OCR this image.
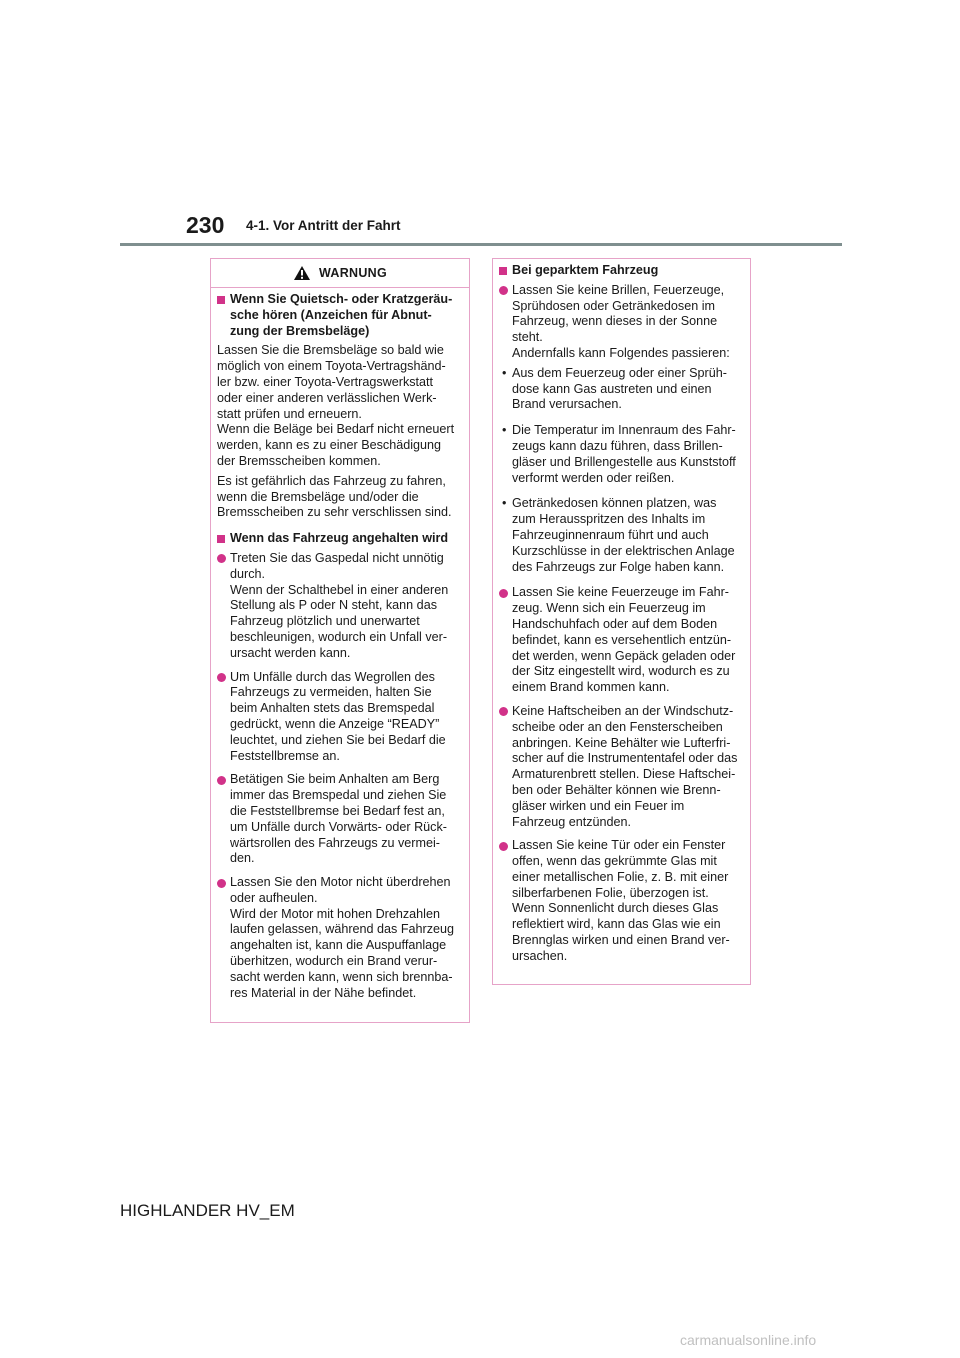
230 4-1. Vor Antritt der Fahrt
WARNUNG
Wenn Sie Quietsch- oder Kratzgeräu-
sche hören (Anzeichen für Abnut-
zung der Bremsbeläge)
Lassen Sie die Bremsbeläge so bald wie
möglich von einem Toyota-Vertragshänd-
ler bzw. einer Toyota-Vertragswerkstatt
oder einer anderen verlässlichen Werk-
statt prüfen und erneuern.
Wenn die Beläge bei Bedarf nicht erneuert
werden, kann es zu einer Beschädigung
der Bremsscheiben kommen.
Es ist gefährlich das Fahrzeug zu fahren,
wenn die Bremsbeläge und/oder die
Bremsscheiben zu sehr verschlissen sind.
Wenn das Fahrzeug angehalten wird
Treten Sie das Gaspedal nicht unnötig
durch.
Wenn der Schalthebel in einer anderen
Stellung als P oder N steht, kann das
Fahrzeug plötzlich und unerwartet
beschleunigen, wodurch ein Unfall ver-
ursacht werden kann.
Um Unfälle durch das Wegrollen des
Fahrzeugs zu vermeiden, halten Sie
beim Anhalten stets das Bremspedal
gedrückt, wenn die Anzeige “READY”
leuchtet, und ziehen Sie bei Bedarf die
Feststellbremse an.
Betätigen Sie beim Anhalten am Berg
immer das Bremspedal und ziehen Sie
die Feststellbremse bei Bedarf fest an,
um Unfälle durch Vorwärts- oder Rück-
wärtsrollen des Fahrzeugs zu vermei-
den.
Lassen Sie den Motor nicht überdrehen
oder aufheulen.
Wird der Motor mit hohen Drehzahlen
laufen gelassen, während das Fahrzeug
angehalten ist, kann die Auspuffanlage
überhitzen, wodurch ein Brand verur-
sacht werden kann, wenn sich brennba-
res Material in der Nähe befindet.
Bei geparktem Fahrzeug
Lassen Sie keine Brillen, Feuerzeuge,
Sprühdosen oder Getränkedosen im
Fahrzeug, wenn dieses in der Sonne
steht.
Andernfalls kann Folgendes passieren:
• Aus dem Feuerzeug oder einer Sprüh-
dose kann Gas austreten und einen
Brand verursachen.
• Die Temperatur im Innenraum des Fahr-
zeugs kann dazu führen, dass Brillen-
gläser und Brillengestelle aus Kunststoff
verformt werden oder reißen.
• Getränkedosen können platzen, was
zum Herausspritzen des Inhalts im
Fahrzeuginnenraum führt und auch
Kurzschlüsse in der elektrischen Anlage
des Fahrzeugs zur Folge haben kann.
Lassen Sie keine Feuerzeuge im Fahr-
zeug. Wenn sich ein Feuerzeug im
Handschuhfach oder auf dem Boden
befindet, kann es versehentlich entzün-
det werden, wenn Gepäck geladen oder
der Sitz eingestellt wird, wodurch es zu
einem Brand kommen kann.
Keine Haftscheiben an der Windschutz-
scheibe oder an den Fensterscheiben
anbringen. Keine Behälter wie Lufterfri-
scher auf die Instrumententafel oder das
Armaturenbrett stellen. Diese Haftschei-
ben oder Behälter können wie Brenn-
gläser wirken und ein Feuer im
Fahrzeug entzünden.
Lassen Sie keine Tür oder ein Fenster
offen, wenn das gekrümmte Glas mit
einer metallischen Folie, z. B. mit einer
silberfarbenen Folie, überzogen ist.
Wenn Sonnenlicht durch dieses Glas
reflektiert wird, kann das Glas wie ein
Brennglas wirken und einen Brand ver-
ursachen.
HIGHLANDER HV_EM
carmanualsonline.info
